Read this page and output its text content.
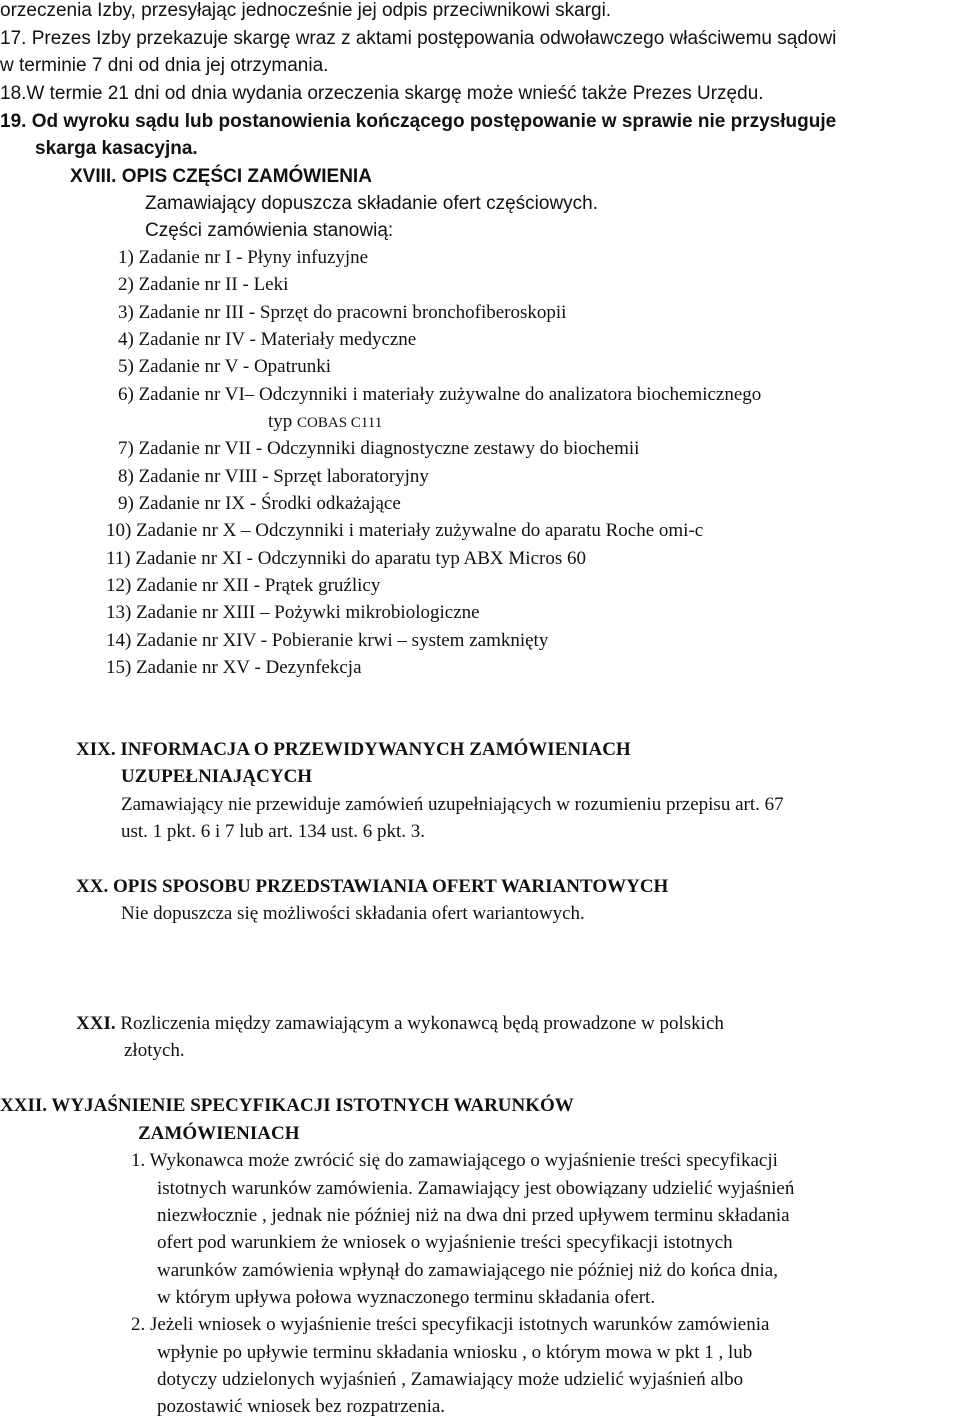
orzeczenia Izby, przesyłając jednocześnie jej odpis przeciwnikowi skargi.
17. Prezes Izby przekazuje skargę wraz z aktami postępowania odwoławczego właściwemu sądowi
w terminie 7 dni od dnia jej otrzymania.
18.W termie 21 dni od dnia wydania orzeczenia skargę może wnieść także Prezes Urzędu.
19. Od wyroku sądu lub postanowienia kończącego postępowanie w sprawie nie przysługuje
skarga kasacyjna.
XVIII. OPIS CZĘŚCI ZAMÓWIENIA
Zamawiający dopuszcza składanie ofert częściowych.
Części zamówienia stanowią:
1) Zadanie nr I - Płyny infuzyjne
2) Zadanie nr II - Leki
3) Zadanie nr III - Sprzęt do pracowni bronchofiberoskopii
4) Zadanie nr IV - Materiały medyczne
5) Zadanie nr V - Opatrunki
6) Zadanie nr VI– Odczynniki i materiały zużywalne do analizatora biochemicznego
typ COBAS C111
7) Zadanie nr VII - Odczynniki diagnostyczne zestawy do biochemii
8) Zadanie nr VIII - Sprzęt laboratoryjny
9) Zadanie nr IX - Środki odkażające
10) Zadanie nr X – Odczynniki i materiały zużywalne do aparatu Roche omi-c
11) Zadanie nr XI - Odczynniki do aparatu typ ABX Micros 60
12) Zadanie nr XII - Prątek gruźlicy
13) Zadanie nr XIII – Pożywki mikrobiologiczne
14) Zadanie nr XIV - Pobieranie krwi – system zamknięty
15) Zadanie nr XV - Dezynfekcja
XIX. INFORMACJA O PRZEWIDYWANYCH ZAMÓWIENIACH
UZUPEŁNIAJĄCYCH
Zamawiający nie przewiduje zamówień uzupełniających w rozumieniu przepisu art. 67
ust. 1 pkt. 6 i 7 lub art. 134 ust. 6 pkt. 3.
XX. OPIS SPOSOBU PRZEDSTAWIANIA OFERT WARIANTOWYCH
Nie dopuszcza się możliwości składania ofert wariantowych.
XXI. Rozliczenia między zamawiającym a wykonawcą będą prowadzone w polskich
złotych.
XXII. WYJAŚNIENIE SPECYFIKACJI ISTOTNYCH WARUNKÓW
ZAMÓWIENIACH
1. Wykonawca może zwrócić się do zamawiającego o wyjaśnienie treści specyfikacji
istotnych warunków zamówienia. Zamawiający jest obowiązany udzielić wyjaśnień
niezwłocznie , jednak nie później niż na dwa dni przed upływem terminu składania
ofert pod warunkiem że wniosek o wyjaśnienie treści specyfikacji istotnych
warunków zamówienia wpłynął do zamawiającego nie później niż do końca dnia,
w którym upływa połowa wyznaczonego terminu składania ofert.
2. Jeżeli wniosek o wyjaśnienie treści specyfikacji istotnych warunków zamówienia
wpłynie po upływie terminu składania wniosku , o którym mowa w pkt 1 , lub
dotyczy udzielonych wyjaśnień , Zamawiający może udzielić wyjaśnień albo
pozostawić wniosek bez rozpatrzenia.
